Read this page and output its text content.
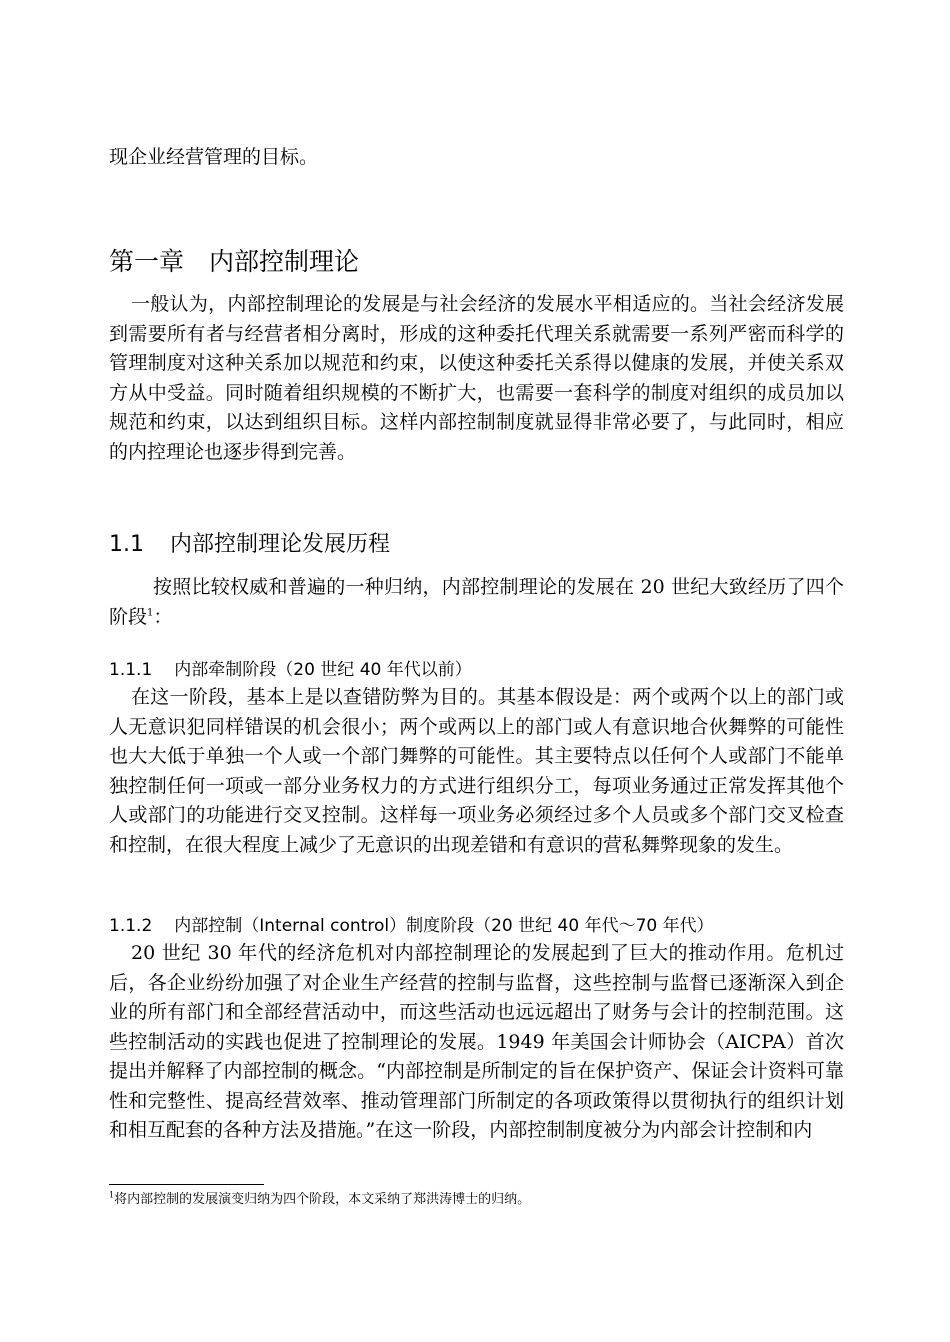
现企业经营管理的目标。

第一章　内部控制理论

一般认为，内部控制理论的发展是与社会经济的发展水平相适应的。当社会经济发展到需要所有者与经营者相分离时，形成的这种委托代理关系就需要一系列严密而科学的管理制度对这种关系加以规范和约束，以使这种委托关系得以健康的发展，并使关系双方从中受益。同时随着组织规模的不断扩大，也需要一套科学的制度对组织的成员加以规范和约束，以达到组织目标。这样内部控制制度就显得非常必要了，与此同时，相应的内控理论也逐步得到完善。

1.1 内部控制理论发展历程

按照比较权威和普遍的一种归纳，内部控制理论的发展在 20 世纪大致经历了四个阶段$^1$：

1.1.1 内部牵制阶段（20 世纪 40 年代以前）

在这一阶段，基本上是以查错防弊为目的。其基本假设是：两个或两个以上的部门或人无意识犯同样错误的机会很小；两个或两以上的部门或人有意识地合伙舞弊的可能性也大大低于单独一个人或一个部门舞弊的可能性。其主要特点以任何个人或部门不能单独控制任何一项或一部分业务权力的方式进行组织分工，每项业务通过正常发挥其他个人或部门的功能进行交叉控制。这样每一项业务必须经过多个人员或多个部门交叉检查和控制，在很大程度上减少了无意识的出现差错和有意识的营私舞弊现象的发生。

1.1.2 内部控制（Internal control）制度阶段（20 世纪 40 年代～70 年代）

20 世纪 30 年代的经济危机对内部控制理论的发展起到了巨大的推动作用。危机过后，各企业纷纷加强了对企业生产经营的控制与监督，这些控制与监督已逐渐深入到企业的所有部门和全部经营活动中，而这些活动也远远超出了财务与会计的控制范围。这些控制活动的实践也促进了控制理论的发展。1949 年美国会计师协会（AICPA）首次提出并解释了内部控制的概念。“内部控制是所制定的旨在保护资产、保证会计资料可靠性和完整性、提高经营效率、推动管理部门所制定的各项政策得以贯彻执行的组织计划和相互配套的各种方法及措施。”在这一阶段，内部控制制度被分为内部会计控制和内

$^1$将内部控制的发展演变归纳为四个阶段，本文采纳了郑洪涛博士的归纳。
